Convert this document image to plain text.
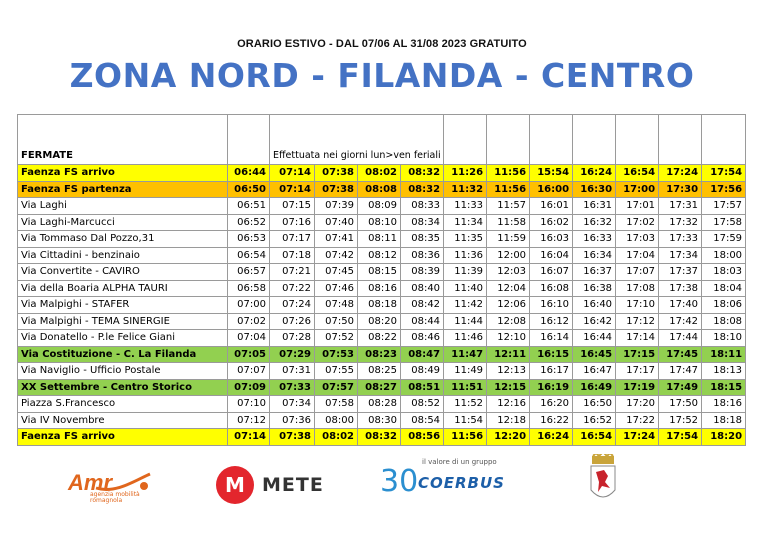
ORARIO ESTIVO - DAL 07/06 AL 31/08 2023 GRATUITO
ZONA NORD - FILANDA - CENTRO
FERMATE		Effettuata nei giorni lun>ven feriali										
Faenza FS arrivo	06:44	07:14	07:38	08:02	08:32	11:26	11:56	15:54	16:24	16:54	17:24	17:54
Faenza FS partenza	06:50	07:14	07:38	08:08	08:32	11:32	11:56	16:00	16:30	17:00	17:30	17:56
Via Laghi	06:51	07:15	07:39	08:09	08:33	11:33	11:57	16:01	16:31	17:01	17:31	17:57
Via Laghi-Marcucci	06:52	07:16	07:40	08:10	08:34	11:34	11:58	16:02	16:32	17:02	17:32	17:58
Via Tommaso Dal Pozzo,31	06:53	07:17	07:41	08:11	08:35	11:35	11:59	16:03	16:33	17:03	17:33	17:59
Via Cittadini - benzinaio	06:54	07:18	07:42	08:12	08:36	11:36	12:00	16:04	16:34	17:04	17:34	18:00
Via Convertite - CAVIRO	06:57	07:21	07:45	08:15	08:39	11:39	12:03	16:07	16:37	17:07	17:37	18:03
Via della Boaria ALPHA TAURI	06:58	07:22	07:46	08:16	08:40	11:40	12:04	16:08	16:38	17:08	17:38	18:04
Via Malpighi - STAFER	07:00	07:24	07:48	08:18	08:42	11:42	12:06	16:10	16:40	17:10	17:40	18:06
Via Malpighi - TEMA SINERGIE	07:02	07:26	07:50	08:20	08:44	11:44	12:08	16:12	16:42	17:12	17:42	18:08
Via Donatello - P.le Felice Giani	07:04	07:28	07:52	08:22	08:46	11:46	12:10	16:14	16:44	17:14	17:44	18:10
Via Costituzione - C. La Filanda	07:05	07:29	07:53	08:23	08:47	11:47	12:11	16:15	16:45	17:15	17:45	18:11
Via Naviglio - Ufficio Postale	07:07	07:31	07:55	08:25	08:49	11:49	12:13	16:17	16:47	17:17	17:47	18:13
XX Settembre - Centro Storico	07:09	07:33	07:57	08:27	08:51	11:51	12:15	16:19	16:49	17:19	17:49	18:15
Piazza S.Francesco	07:10	07:34	07:58	08:28	08:52	11:52	12:16	16:20	16:50	17:20	17:50	18:16
Via IV Novembre	07:12	07:36	08:00	08:30	08:54	11:54	12:18	16:22	16:52	17:22	17:52	18:18
Faenza FS arrivo	07:14	07:38	08:02	08:32	08:56	11:56	12:20	16:24	16:54	17:24	17:54	18:20
Amr
agenzia mobilità romagnola
M METE
il valore di un gruppo
30 COERBUS
